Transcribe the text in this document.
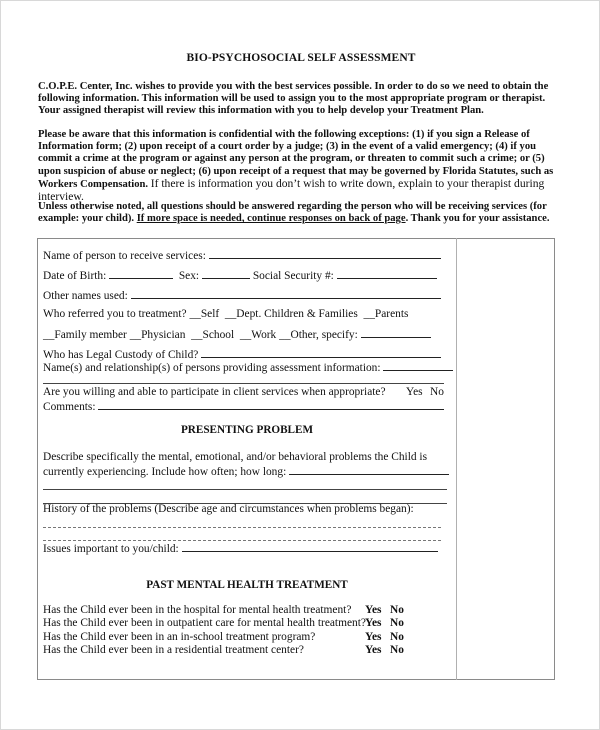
BIO-PSYCHOSOCIAL SELF ASSESSMENT
C.O.P.E. Center, Inc. wishes to provide you with the best services possible. In order to do so we need to obtain the following information. This information will be used to assign you to the most appropriate program or therapist. Your assigned therapist will review this information with you to help develop your Treatment Plan.
Please be aware that this information is confidential with the following exceptions: (1) if you sign a Release of Information form; (2) upon receipt of a court order by a judge; (3) in the event of a valid emergency; (4) if you commit a crime at the program or against any person at the program, or threaten to commit such a crime; or (5) upon suspicion of abuse or neglect; (6) upon receipt of a request that may be governed by Florida Statutes, such as Workers Compensation. If there is information you don’t wish to write down, explain to your therapist during interview.
Unless otherwise noted, all questions should be answered regarding the person who will be receiving services (for example: your child). If more space is needed, continue responses on back of page. Thank you for your assistance.
Name of person to receive services:
Date of Birth:	Sex:	Social Security #:
Other names used:
Who referred you to treatment? __Self __Dept. Children & Families __Parents
__Family member __Physician __School __Work __Other, specify:
Who has Legal Custody of Child?
Name(s) and relationship(s) of persons providing assessment information:
Are you willing and able to participate in client services when appropriate? Yes No
Comments:
PRESENTING PROBLEM
Describe specifically the mental, emotional, and/or behavioral problems the Child is
currently experiencing. Include how often; how long:
History of the problems (Describe age and circumstances when problems began):
Issues important to you/child:
PAST MENTAL HEALTH TREATMENT
Has the Child ever been in the hospital for mental health treatment? Yes No
Has the Child ever been in outpatient care for mental health treatment? Yes No
Has the Child ever been in an in-school treatment program?	Yes No
Has the Child ever been in a residential treatment center?	Yes No
